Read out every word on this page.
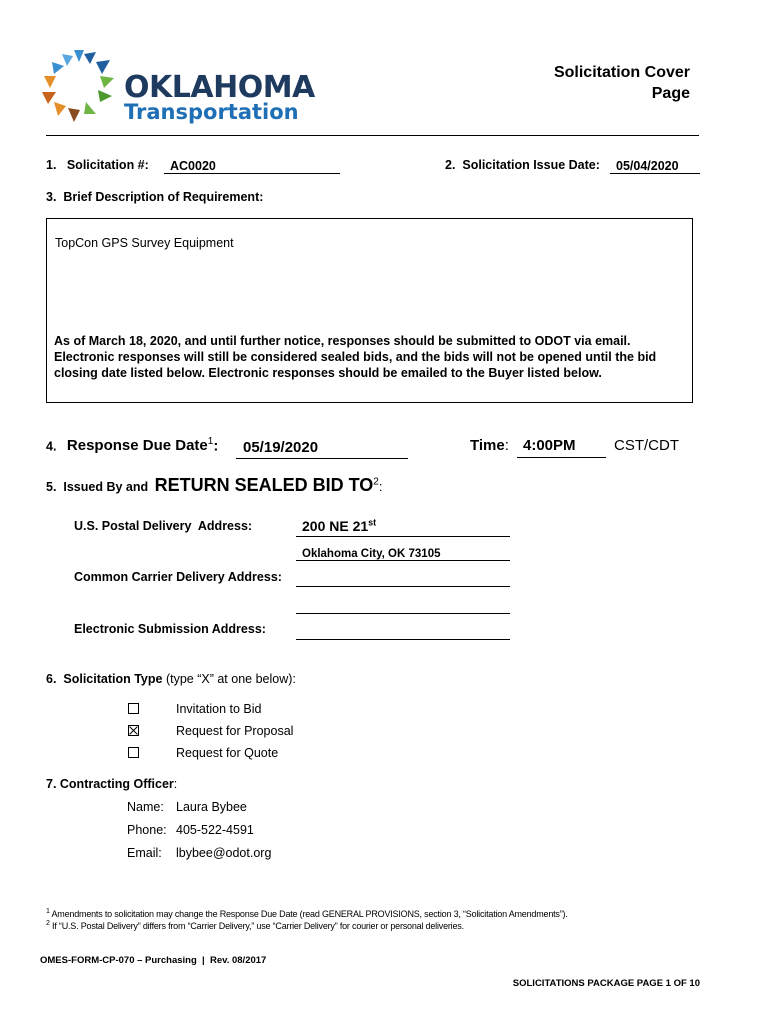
OKLAHOMA
Transportation
Solicitation Cover
Page
1.   Solicitation #:	AC0020	2.  Solicitation Issue Date:	05/04/2020
3.  Brief Description of Requirement:
TopCon GPS Survey Equipment
As of March 18, 2020, and until further notice, responses should be submitted to ODOT via email. Electronic responses will still be considered sealed bids, and the bids will not be opened until the bid closing date listed below. Electronic responses should be emailed to the Buyer listed below.
4. Response Due Date$^1$:	05/19/2020	Time: 4:00PM	CST/CDT
5.  Issued By and RETURN SEALED BID $TO^2$:
U.S. Postal Delivery  Address:	200 NE 21st
Oklahoma City, OK 73105
Common Carrier Delivery Address:
Electronic Submission Address:
6.  Solicitation Type (type “X” at one below):
Invitation to Bid
Request for Proposal
Request for Quote
7. Contracting Officer:
Name: Laura Bybee
Phone: 405-522-4591
Email: lbybee@odot.org
$^1$ Amendments to solicitation may change the Response Due Date (read GENERAL PROVISIONS, section 3, “Solicitation Amendments”).
$^2$ If “U.S. Postal Delivery” differs from “Carrier Delivery,” use “Carrier Delivery” for courier or personal deliveries.
OMES-FORM-CP-070 – Purchasing  |  Rev. 08/2017
SOLICITATIONS PACKAGE PAGE 1 OF 10
